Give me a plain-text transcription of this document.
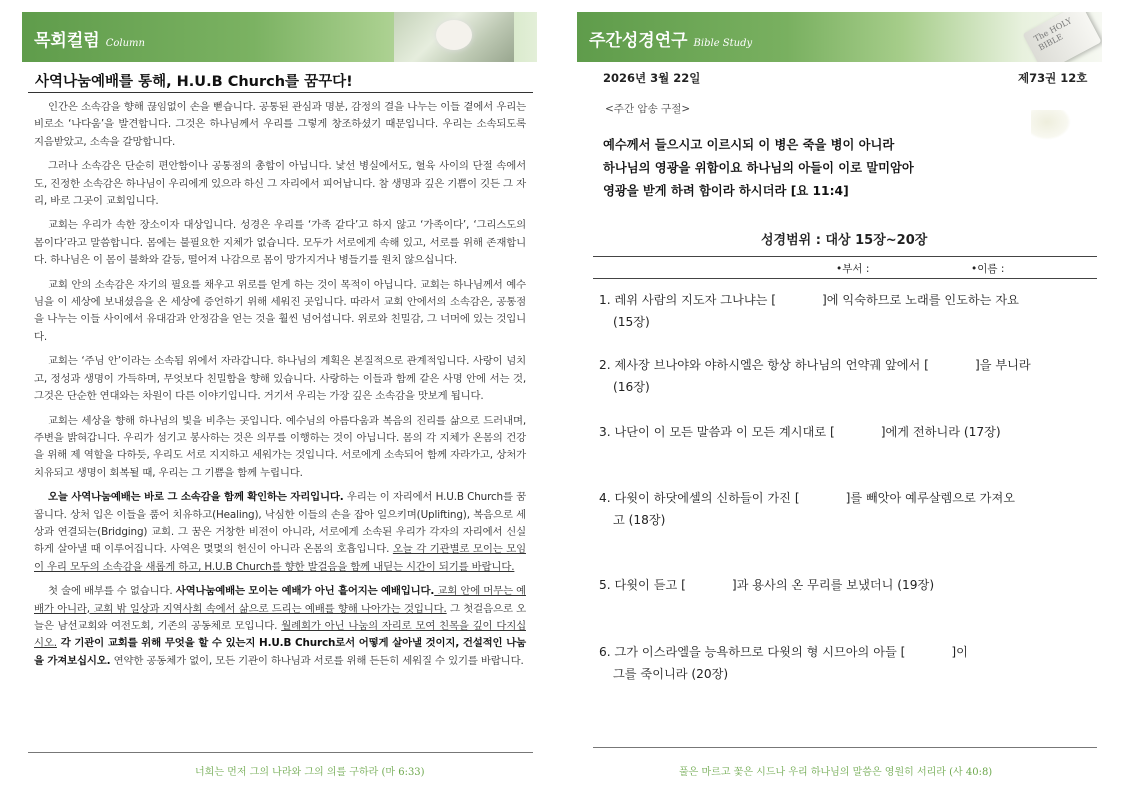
목회컬럼 Column
사역나눔예배를 통해, H.U.B Church를 꿈꾸다!

인간은 소속감을 향해 끊임없이 손을 뻗습니다. 공통된 관심과 명분, 감정의 결을 나누는 이들 곁에서 우리는 비로소 ‘나다움’을 발견합니다. 그것은 하나님께서 우리를 그렇게 창조하셨기 때문입니다. 우리는 소속되도록 지음받았고, 소속을 갈망합니다.

그러나 소속감은 단순히 편안함이나 공통점의 총합이 아닙니다. 낯선 병실에서도, 혈육 사이의 단절 속에서도, 진정한 소속감은 하나님이 우리에게 있으라 하신 그 자리에서 피어납니다. 참 생명과 깊은 기쁨이 깃든 그 자리, 바로 그곳이 교회입니다.

교회는 우리가 속한 장소이자 대상입니다. 성경은 우리를 ‘가족 같다’고 하지 않고 ‘가족이다’, ‘그리스도의 몸이다’라고 말씀합니다. 몸에는 불필요한 지체가 없습니다. 모두가 서로에게 속해 있고, 서로를 위해 존재합니다. 하나님은 이 몸이 불화와 갈등, 떨어져 나감으로 몸이 망가지거나 병들기를 원치 않으십니다.

교회 안의 소속감은 자기의 필요를 채우고 위로를 얻게 하는 것이 목적이 아닙니다. 교회는 하나님께서 예수님을 이 세상에 보내셨음을 온 세상에 증언하기 위해 세워진 곳입니다. 따라서 교회 안에서의 소속감은, 공통점을 나누는 이들 사이에서 유대감과 안정감을 얻는 것을 훨씬 넘어섭니다. 위로와 친밀감, 그 너머에 있는 것입니다.

교회는 ‘주님 안’이라는 소속됨 위에서 자라갑니다. 하나님의 계획은 본질적으로 관계적입니다. 사랑이 넘치고, 정성과 생명이 가득하며, 무엇보다 친밀함을 향해 있습니다. 사랑하는 이들과 함께 같은 사명 안에 서는 것, 그것은 단순한 연대와는 차원이 다른 이야기입니다. 거기서 우리는 가장 깊은 소속감을 맛보게 됩니다.

교회는 세상을 향해 하나님의 빛을 비추는 곳입니다. 예수님의 아름다움과 복음의 진리를 삶으로 드러내며, 주변을 밝혀갑니다. 우리가 섬기고 봉사하는 것은 의무를 이행하는 것이 아닙니다. 몸의 각 지체가 온몸의 건강을 위해 제 역할을 다하듯, 우리도 서로 지지하고 세워가는 것입니다. 서로에게 소속되어 함께 자라가고, 상처가 치유되고 생명이 회복될 때, 우리는 그 기쁨을 함께 누립니다.

오늘 사역나눔예배는 바로 그 소속감을 함께 확인하는 자리입니다. 우리는 이 자리에서 H.U.B Church를 꿈꿉니다. 상처 입은 이들을 품어 치유하고(Healing), 낙심한 이들의 손을 잡아 일으키며(Uplifting), 복음으로 세상과 연결되는(Bridging) 교회. 그 꿈은 거창한 비전이 아니라, 서로에게 소속된 우리가 각자의 자리에서 신실하게 살아낼 때 이루어집니다. 사역은 몇몇의 헌신이 아니라 온몸의 호흡입니다. 오늘 각 기관별로 모이는 모임이 우리 모두의 소속감을 새롭게 하고, H.U.B Church를 향한 발걸음을 함께 내딛는 시간이 되기를 바랍니다.

첫 술에 배부를 수 없습니다. 사역나눔예배는 모이는 예배가 아닌 흩어지는 예배입니다. 교회 안에 머무는 예배가 아니라, 교회 밖 일상과 지역사회 속에서 삶으로 드리는 예배를 향해 나아가는 것입니다. 그 첫걸음으로 오늘은 남선교회와 여전도회, 기존의 공동체로 모입니다. 월례회가 아닌 나눔의 자리로 모여 친목을 깊이 다지십시오. 각 기관이 교회를 위해 무엇을 할 수 있는지 H.U.B Church로서 어떻게 살아낼 것이지, 건설적인 나눔을 가져보십시오. 연약한 공동체가 없이, 모든 기관이 하나님과 서로를 위해 든든히 세워질 수 있기를 바랍니다.

너희는 먼저 그의 나라와 그의 의를 구하라 (마 6:33)
The HOLY BIBLE
주간성경연구 Bible Study
2026년 3월 22일	제73권 12호
<주간 암송 구절>
예수께서 들으시고 이르시되 이 병은 죽을 병이 아니라
하나님의 영광을 위함이요 하나님의 아들이 이로 말미암아
영광을 받게 하려 함이라 하시더라 [요 11:4]
성경범위 : 대상 15장~20장
•부서 :	•이름 :
1. 레위 사람의 지도자 그나냐는 [	]에 익숙하므로 노래를 인도하는 자요
(15장)
2. 제사장 브나야와 야하시엘은 항상 하나님의 언약궤 앞에서 [	]을 부니라
(16장)
3. 나단이 이 모든 말씀과 이 모든 계시대로 [	]에게 전하니라 (17장)
4. 다윗이 하닷에셀의 신하들이 가진 [	]를 빼앗아 예루살렘으로 가져오
고 (18장)
5. 다윗이 듣고 [	]과 용사의 온 무리를 보냈더니 (19장)
6. 그가 이스라엘을 능욕하므로 다윗의 형 시므아의 아들 [	]이
그를 죽이니라 (20장)
풀은 마르고 꽃은 시드나 우리 하나님의 말씀은 영원히 서리라 (사 40:8)
